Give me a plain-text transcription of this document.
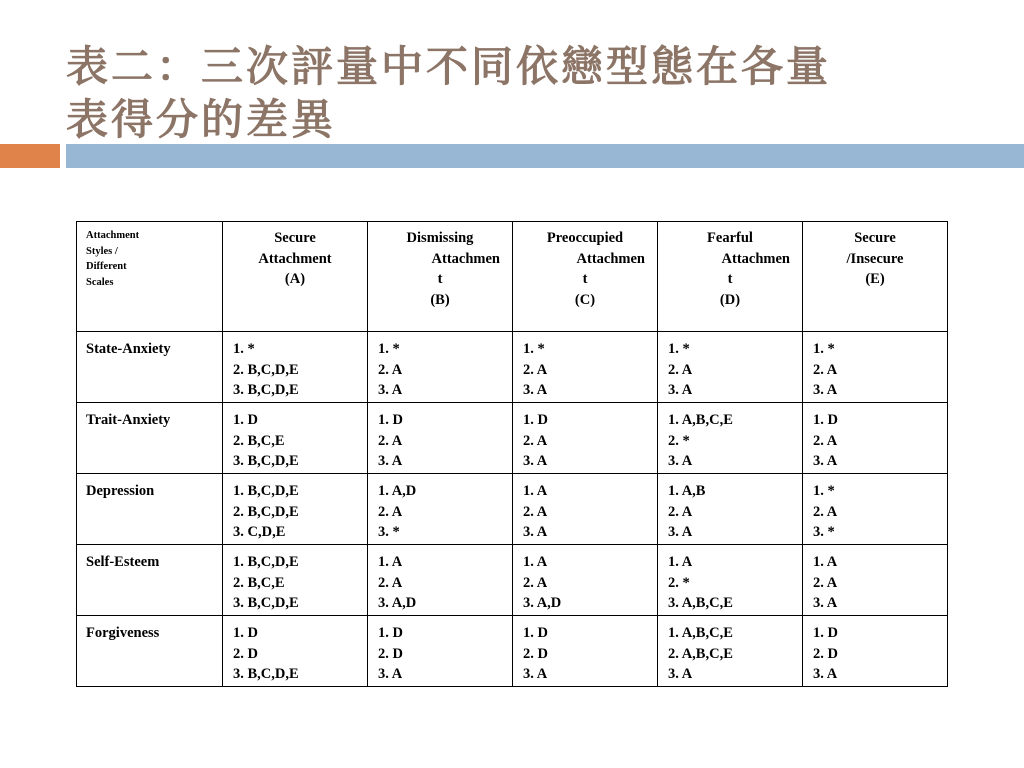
表二：三次評量中不同依戀型態在各量
表得分的差異
Attachment
Styles /
Different
Scales	Secure
Attachment
(A)	Dismissing
Attachmen
t
(B)	Preoccupied
Attachmen
t
(C)	Fearful
Attachmen
t
(D)	Secure
/Insecure
(E)

State-Anxiety	1. *
2. B,C,D,E
3. B,C,D,E	1. *
2. A
3. A	1. *
2. A
3. A	1. *
2. A
3. A	1. *
2. A
3. A

Trait-Anxiety	1. D
2. B,C,E
3. B,C,D,E	1. D
2. A
3. A	1. D
2. A
3. A	1. A,B,C,E
2. *
3. A	1. D
2. A
3. A

Depression	1. B,C,D,E
2. B,C,D,E
3. C,D,E	1. A,D
2. A
3. *	1. A
2. A
3. A	1. A,B
2. A
3. A	1. *
2. A
3. *

Self-Esteem	1. B,C,D,E
2. B,C,E
3. B,C,D,E	1. A
2. A
3. A,D	1. A
2. A
3. A,D	1. A
2. *
3. A,B,C,E	1. A
2. A
3. A

Forgiveness	1. D
2. D
3. B,C,D,E	1. D
2. D
3. A	1. D
2. D
3. A	1. A,B,C,E
2. A,B,C,E
3. A	1. D
2. D
3. A
